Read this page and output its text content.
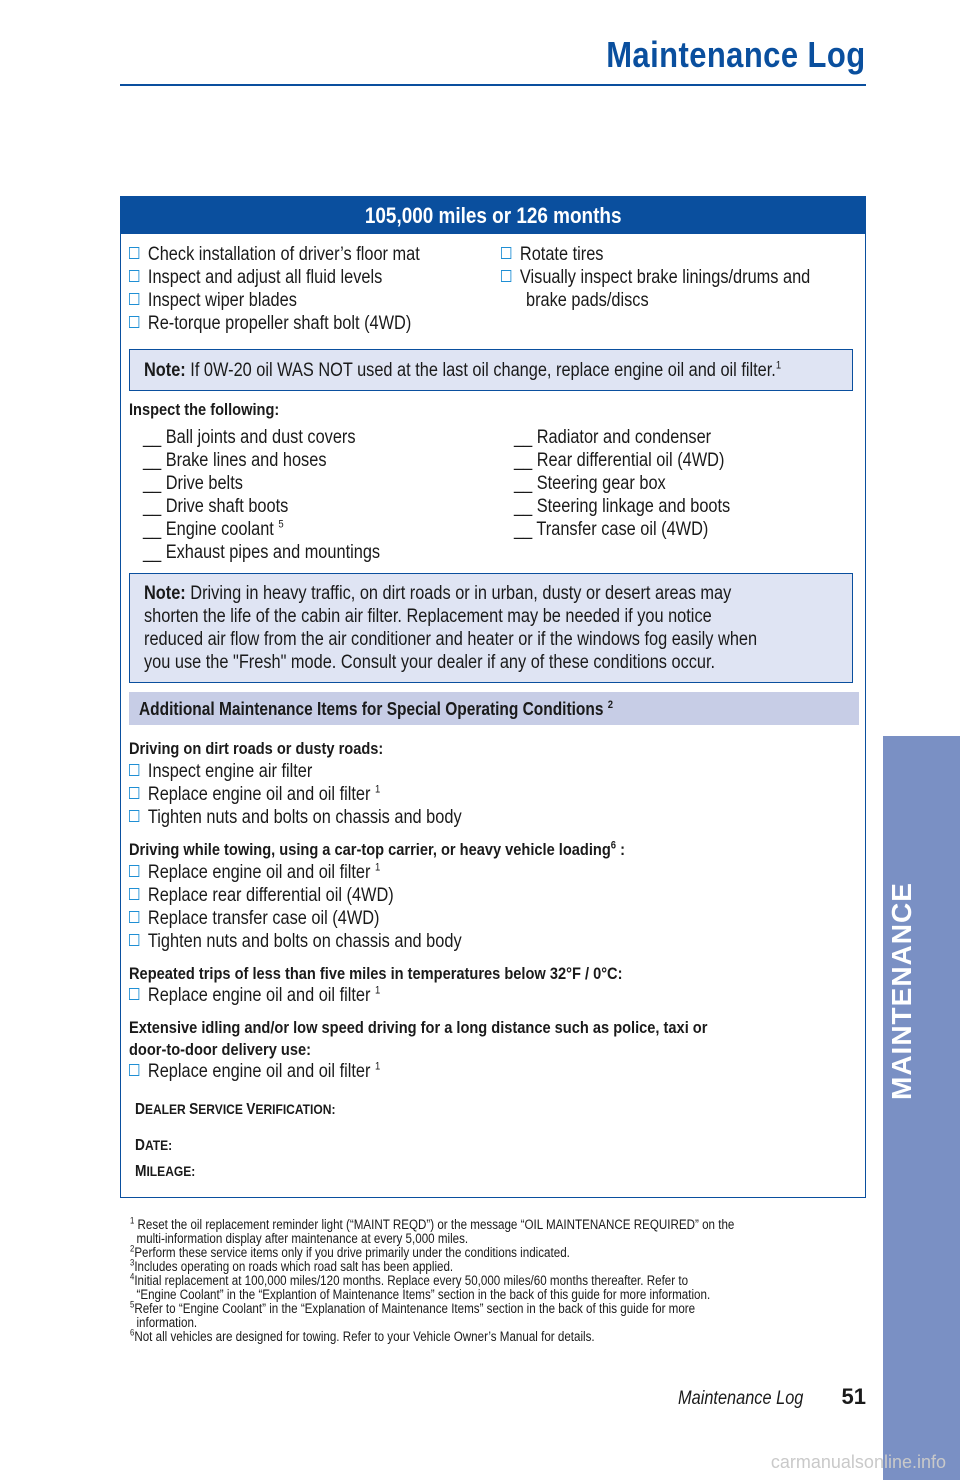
Maintenance Log
105,000 miles or 126 months
Check installation of driver’s floor mat
Inspect and adjust all fluid levels
Inspect wiper blades
Re-torque propeller shaft bolt (4WD)
Rotate tires
Visually inspect brake linings/drums and
brake pads/discs
Note: If 0W-20 oil WAS NOT used at the last oil change, replace engine oil and oil filter.$^1$
Inspect the following:
__ Ball joints and dust covers
__ Brake lines and hoses
__ Drive belts
__ Drive shaft boots
__ Engine coolant $^5$
__ Exhaust pipes and mountings
__ Radiator and condenser
__ Rear differential oil (4WD)
__ Steering gear box
__ Steering linkage and boots
__ Transfer case oil (4WD)
Note: Driving in heavy traffic, on dirt roads or in urban, dusty or desert areas may
shorten the life of the cabin air filter. Replacement may be needed if you notice
reduced air flow from the air conditioner and heater or if the windows fog easily when
you use the "Fresh" mode. Consult your dealer if any of these conditions occur.
Additional Maintenance Items for Special Operating Conditions $^2$
Driving on dirt roads or dusty roads:
Inspect engine air filter
Replace engine oil and oil filter $^1$
Tighten nuts and bolts on chassis and body
Driving while towing, using a car-top carrier, or heavy vehicle loading$^6$ :
Replace engine oil and oil filter $^1$
Replace rear differential oil (4WD)
Replace transfer case oil (4WD)
Tighten nuts and bolts on chassis and body
Repeated trips of less than five miles in temperatures below 32°F / 0°C:
Replace engine oil and oil filter $^1$
Extensive idling and/or low speed driving for a long distance such as police, taxi or
door-to-door delivery use:
Replace engine oil and oil filter $^1$
DEALER SERVICE VERIFICATION:
DATE:
MILEAGE:
$^1$ Reset the oil replacement reminder light (“MAINT REQD”) or the message “OIL MAINTENANCE REQUIRED” on the
multi-information display after maintenance at every 5,000 miles.
$^2$Perform these service items only if you drive primarily under the conditions indicated.
$^3$Includes operating on roads which road salt has been applied.
$^4$Initial replacement at 100,000 miles/120 months. Replace every 50,000 miles/60 months thereafter. Refer to
“Engine Coolant” in the “Explantion of Maintenance Items” section in the back of this guide for more information.
$^5$Refer to “Engine Coolant” in the “Explanation of Maintenance Items” section in the back of this guide for more
information.
$^6$Not all vehicles are designed for towing. Refer to your Vehicle Owner’s Manual for details.
Maintenance Log	51
carmanualsonline.info
